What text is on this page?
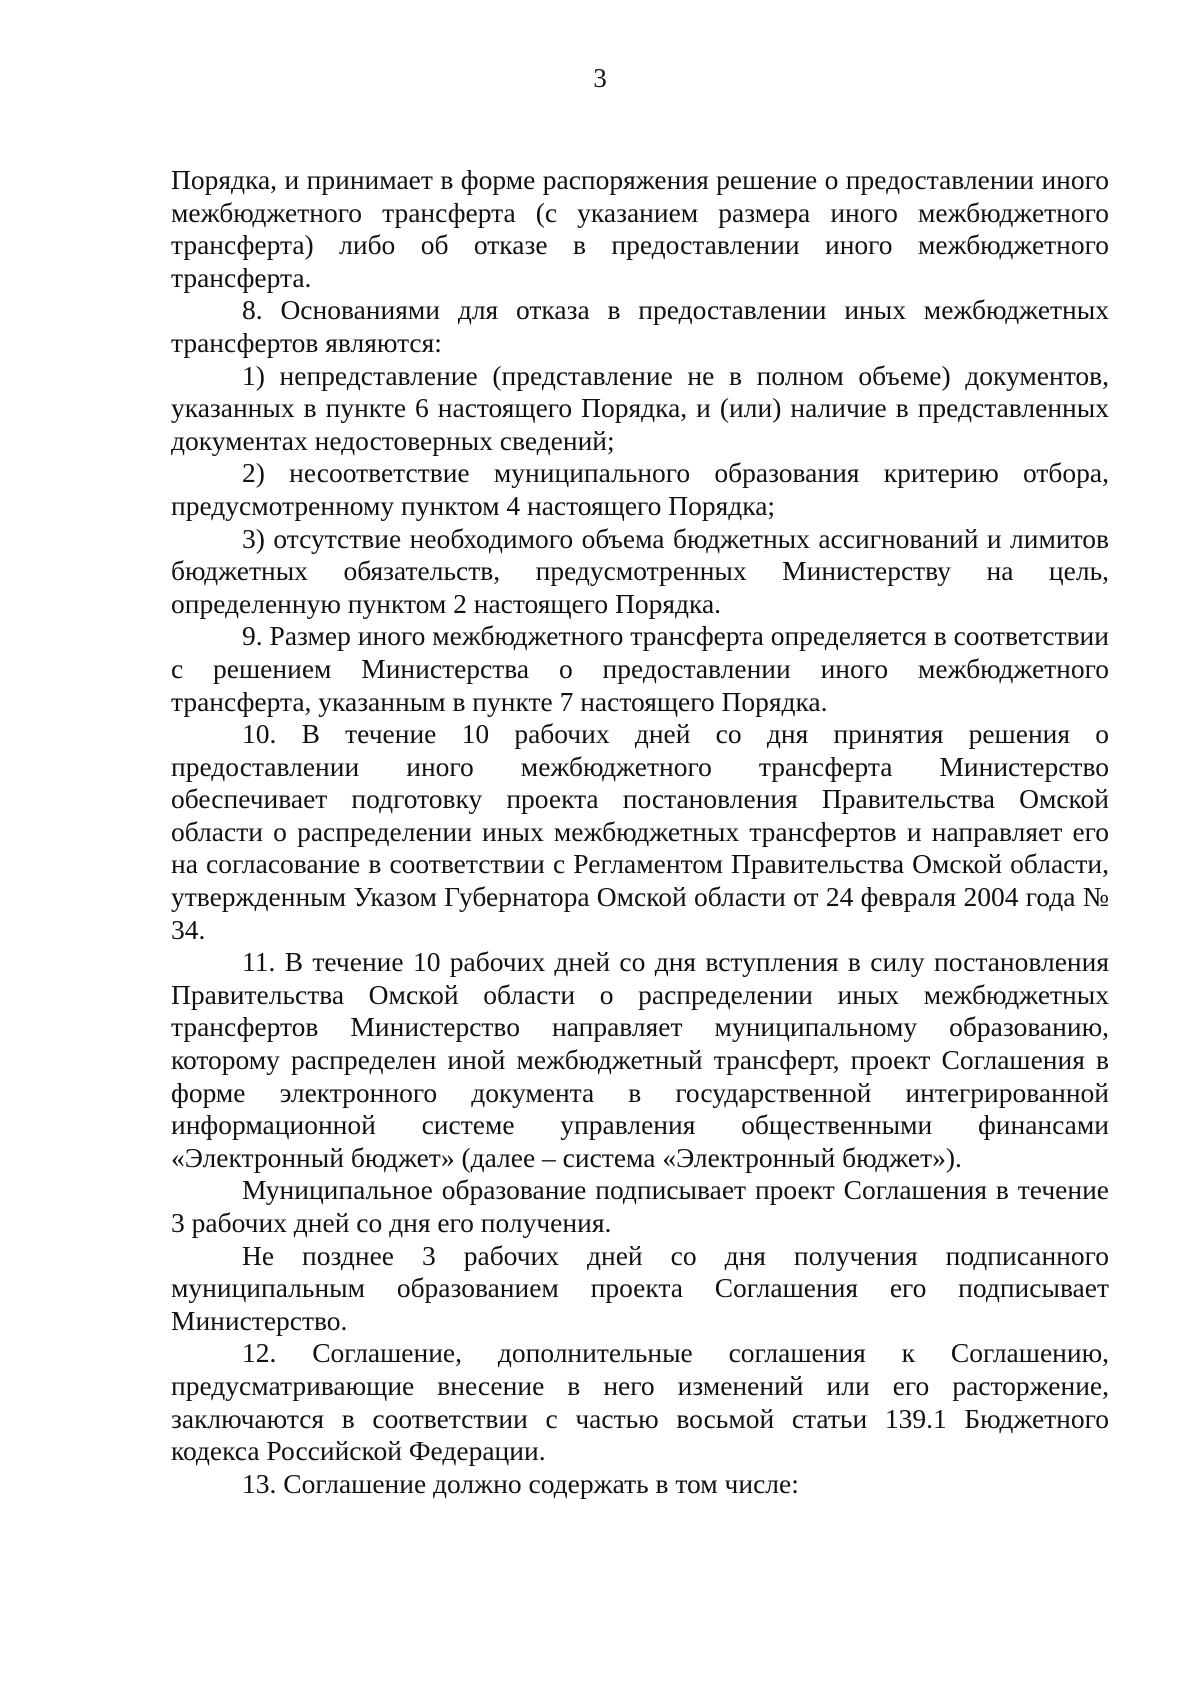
3

Порядка, и принимает в форме распоряжения решение о предоставлении иного межбюджетного трансферта (с указанием размера иного межбюджетного трансферта) либо об отказе в предоставлении иного межбюджетного трансферта.

8. Основаниями для отказа в предоставлении иных межбюджетных трансфертов являются:

1) непредставление (представление не в полном объеме) документов, указанных в пункте 6 настоящего Порядка, и (или) наличие в представленных документах недостоверных сведений;

2) несоответствие муниципального образования критерию отбора, предусмотренному пунктом 4 настоящего Порядка;

3) отсутствие необходимого объема бюджетных ассигнований и лимитов бюджетных обязательств, предусмотренных Министерству на цель, определенную пунктом 2 настоящего Порядка.

9. Размер иного межбюджетного трансферта определяется в соответствии с решением Министерства о предоставлении иного межбюджетного трансферта, указанным в пункте 7 настоящего Порядка.

10. В течение 10 рабочих дней со дня принятия решения о предоставлении иного межбюджетного трансферта Министерство обеспечивает подготовку проекта постановления Правительства Омской области о распределении иных межбюджетных трансфертов и направляет его на согласование в соответствии с Регламентом Правительства Омской области, утвержденным Указом Губернатора Омской области от 24 февраля 2004 года № 34.

11. В течение 10 рабочих дней со дня вступления в силу постановления Правительства Омской области о распределении иных межбюджетных трансфертов Министерство направляет муниципальному образованию, которому распределен иной межбюджетный трансферт, проект Соглашения в форме электронного документа в государственной интегрированной информационной системе управления общественными финансами «Электронный бюджет» (далее – система «Электронный бюджет»).

Муниципальное образование подписывает проект Соглашения в течение 3 рабочих дней со дня его получения.

Не позднее 3 рабочих дней со дня получения подписанного муниципальным образованием проекта Соглашения его подписывает Министерство.

12. Соглашение, дополнительные соглашения к Соглашению, предусматривающие внесение в него изменений или его расторжение, заключаются в соответствии с частью восьмой статьи 139.1 Бюджетного кодекса Российской Федерации.

13. Соглашение должно содержать в том числе:
